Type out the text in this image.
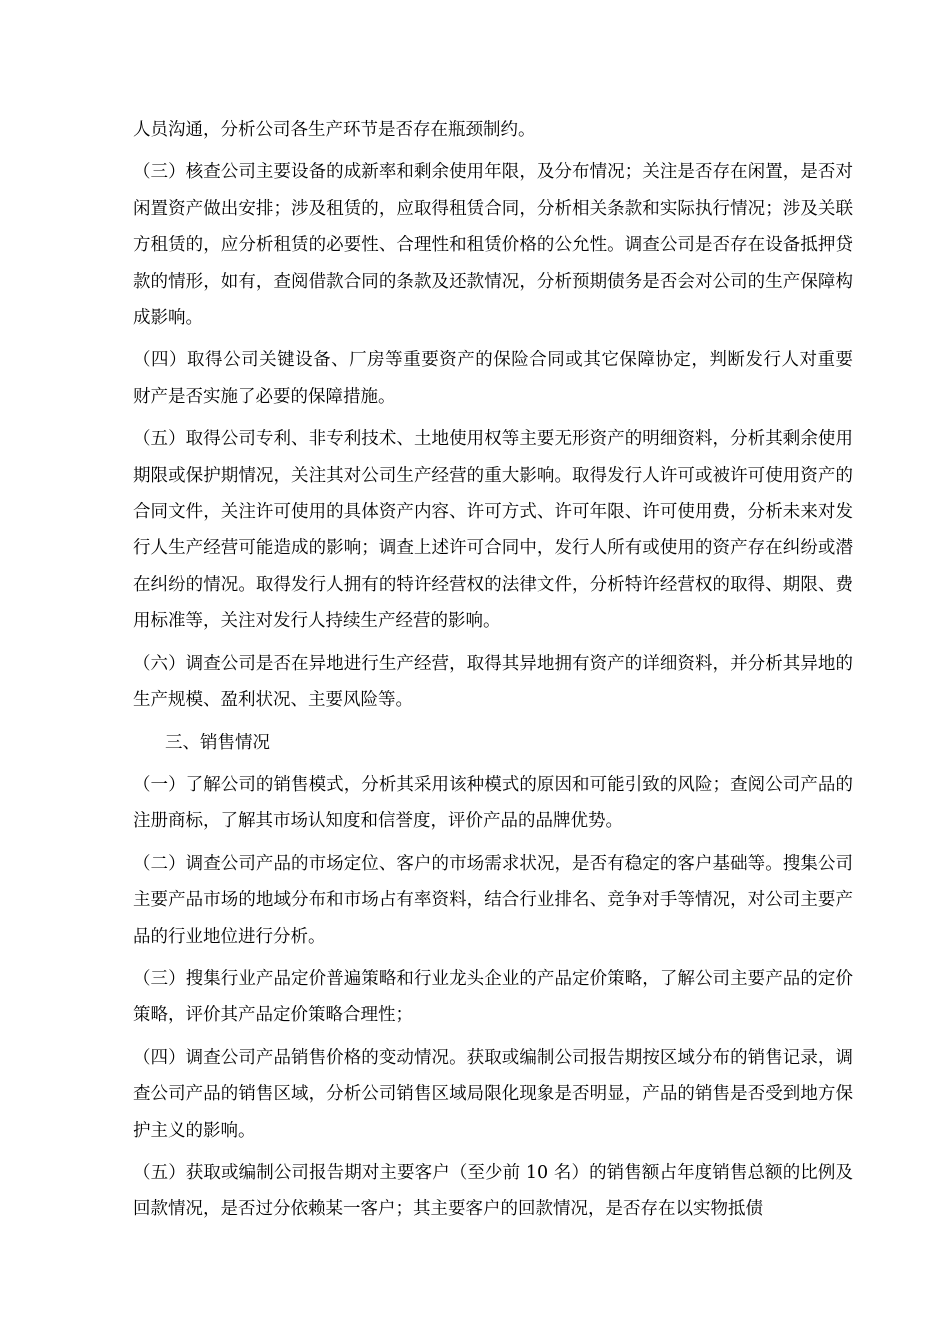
人员沟通，分析公司各生产环节是否存在瓶颈制约。

（三）核查公司主要设备的成新率和剩余使用年限，及分布情况；关注是否存在闲置，是否对闲置资产做出安排；涉及租赁的，应取得租赁合同，分析相关条款和实际执行情况；涉及关联方租赁的，应分析租赁的必要性、合理性和租赁价格的公允性。调查公司是否存在设备抵押贷款的情形，如有，查阅借款合同的条款及还款情况，分析预期债务是否会对公司的生产保障构成影响。

（四）取得公司关键设备、厂房等重要资产的保险合同或其它保障协定，判断发行人对重要 财产是否实施了必要的保障措施。

（五）取得公司专利、非专利技术、土地使用权等主要无形资产的明细资料，分析其剩余使用期限或保护期情况，关注其对公司生产经营的重大影响。取得发行人许可或被许可使用资产的合同文件，关注许可使用的具体资产内容、许可方式、许可年限、许可使用费，分析未来对发行人生产经营可能造成的影响；调查上述许可合同中，发行人所有或使用的资产存在纠纷或潜在纠纷的情况。取得发行人拥有的特许经营权的法律文件，分析特许经营权的取得、期限、费用标准等，关注对发行人持续生产经营的影响。

（六）调查公司是否在异地进行生产经营，取得其异地拥有资产的详细资料，并分析其异地的生产规模、盈利状况、主要风险等。

三、销售情况

（一）了解公司的销售模式，分析其采用该种模式的原因和可能引致的风险；查阅公司产品的注册商标，了解其市场认知度和信誉度，评价产品的品牌优势。

（二）调查公司产品的市场定位、客户的市场需求状况，是否有稳定的客户基础等。搜集公司主要产品市场的地域分布和市场占有率资料，结合行业排名、竞争对手等情况，对公司主要产品的行业地位进行分析。

（三）搜集行业产品定价普遍策略和行业龙头企业的产品定价策略，了解公司主要产品的定价策略，评价其产品定价策略合理性；

（四）调查公司产品销售价格的变动情况。获取或编制公司报告期按区域分布的销售记录，调查公司产品的销售区域，分析公司销售区域局限化现象是否明显，产品的销售是否受到地方保护主义的影响。

（五）获取或编制公司报告期对主要客户（至少前 10 名）的销售额占年度销售总额的比例及回款情况，是否过分依赖某一客户；其主要客户的回款情况，是否存在以实物抵债
